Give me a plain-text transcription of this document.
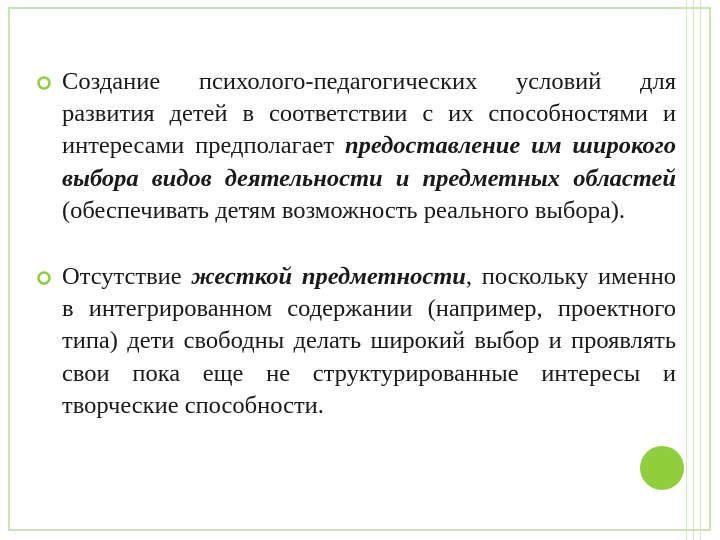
Создание психолого-педагогических условий для развития детей в соответствии с их способностями и интересами предполагает предоставление им широкого выбора видов деятельности и предметных областей (обеспечивать детям возможность реального выбора).
Отсутствие жесткой предметности, поскольку именно в интегрированном содержании (например, проектного типа) дети свободны делать широкий выбор и проявлять свои пока еще не структурированные интересы и творческие способности.
